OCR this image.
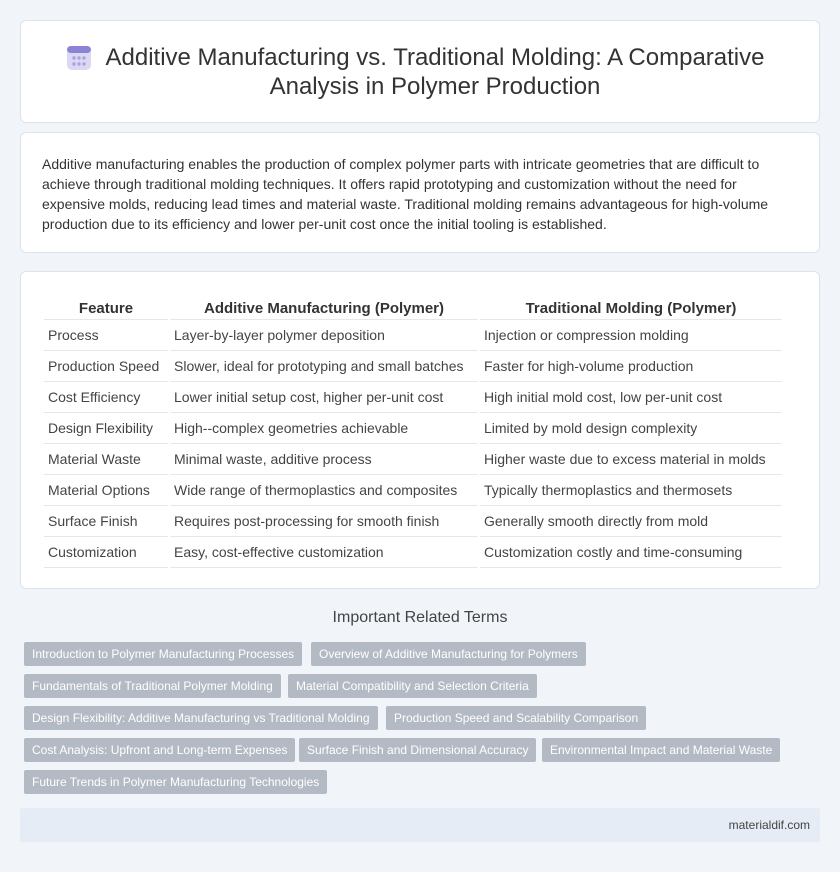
Additive Manufacturing vs. Traditional Molding: A Comparative Analysis in Polymer Production

Additive manufacturing enables the production of complex polymer parts with intricate geometries that are difficult to achieve through traditional molding techniques. It offers rapid prototyping and customization without the need for expensive molds, reducing lead times and material waste. Traditional molding remains advantageous for high-volume production due to its efficiency and lower per-unit cost once the initial tooling is established.

Feature	Additive Manufacturing (Polymer)	Traditional Molding (Polymer)
Process	Layer-by-layer polymer deposition	Injection or compression molding
Production Speed	Slower, ideal for prototyping and small batches	Faster for high-volume production
Cost Efficiency	Lower initial setup cost, higher per-unit cost	High initial mold cost, low per-unit cost
Design Flexibility	High--complex geometries achievable	Limited by mold design complexity
Material Waste	Minimal waste, additive process	Higher waste due to excess material in molds
Material Options	Wide range of thermoplastics and composites	Typically thermoplastics and thermosets
Surface Finish	Requires post-processing for smooth finish	Generally smooth directly from mold
Customization	Easy, cost-effective customization	Customization costly and time-consuming
Important Related Terms
Introduction to Polymer Manufacturing Processes	Overview of Additive Manufacturing for Polymers
Fundamentals of Traditional Polymer Molding	Material Compatibility and Selection Criteria
Design Flexibility: Additive Manufacturing vs Traditional Molding	Production Speed and Scalability Comparison
Cost Analysis: Upfront and Long-term Expenses	Surface Finish and Dimensional Accuracy	Environmental Impact and Material Waste
Future Trends in Polymer Manufacturing Technologies
materialdif.com
